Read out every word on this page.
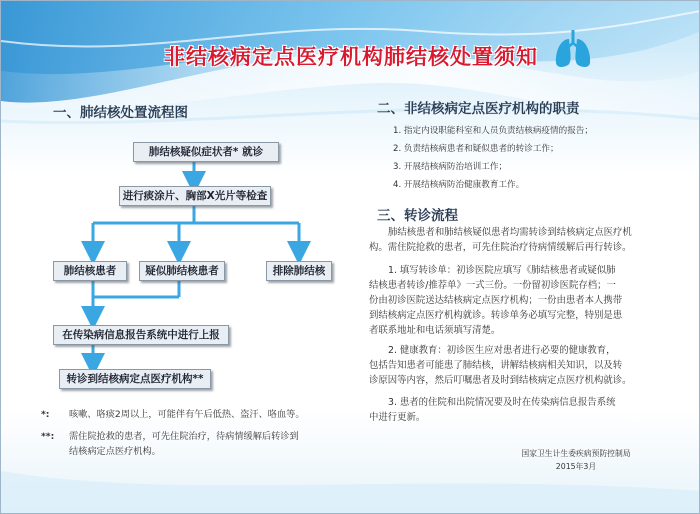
非结核病定点医疗机构肺结核处置须知
一、肺结核处置流程图
肺结核疑似症状者* 就诊
进行痰涂片、胸部X光片等检查
肺结核患者	疑似肺结核患者	排除肺结核
在传染病信息报告系统中进行上报
转诊到结核病定点医疗机构**
*: 咳嗽、咯痰2周以上，可能伴有午后低热、盗汗、咯血等。
**: 需住院抢救的患者，可先住院治疗，待病情缓解后转诊到
结核病定点医疗机构。
二、非结核病定点医疗机构的职责
1. 指定内设职能科室和人员负责结核病疫情的报告；
2. 负责结核病患者和疑似患者的转诊工作；
3. 开展结核病防治培训工作；
4. 开展结核病防治健康教育工作。
三、转诊流程
肺结核患者和肺结核疑似患者均需转诊到结核病定点医疗机
构。需住院抢救的患者，可先住院治疗待病情缓解后再行转诊。
1. 填写转诊单：初诊医院应填写《肺结核患者或疑似肺
结核患者转诊/推荐单》一式三份。一份留初诊医院存档；一
份由初诊医院送达结核病定点医疗机构；一份由患者本人携带
到结核病定点医疗机构就诊。转诊单务必填写完整，特别是患
者联系地址和电话须填写清楚。
2. 健康教育：初诊医生应对患者进行必要的健康教育，
包括告知患者可能患了肺结核，讲解结核病相关知识，以及转
诊原因等内容，然后叮嘱患者及时到结核病定点医疗机构就诊。
3. 患者的住院和出院情况要及时在传染病信息报告系统
中进行更新。
国家卫生计生委疾病预防控制局
2015年3月
